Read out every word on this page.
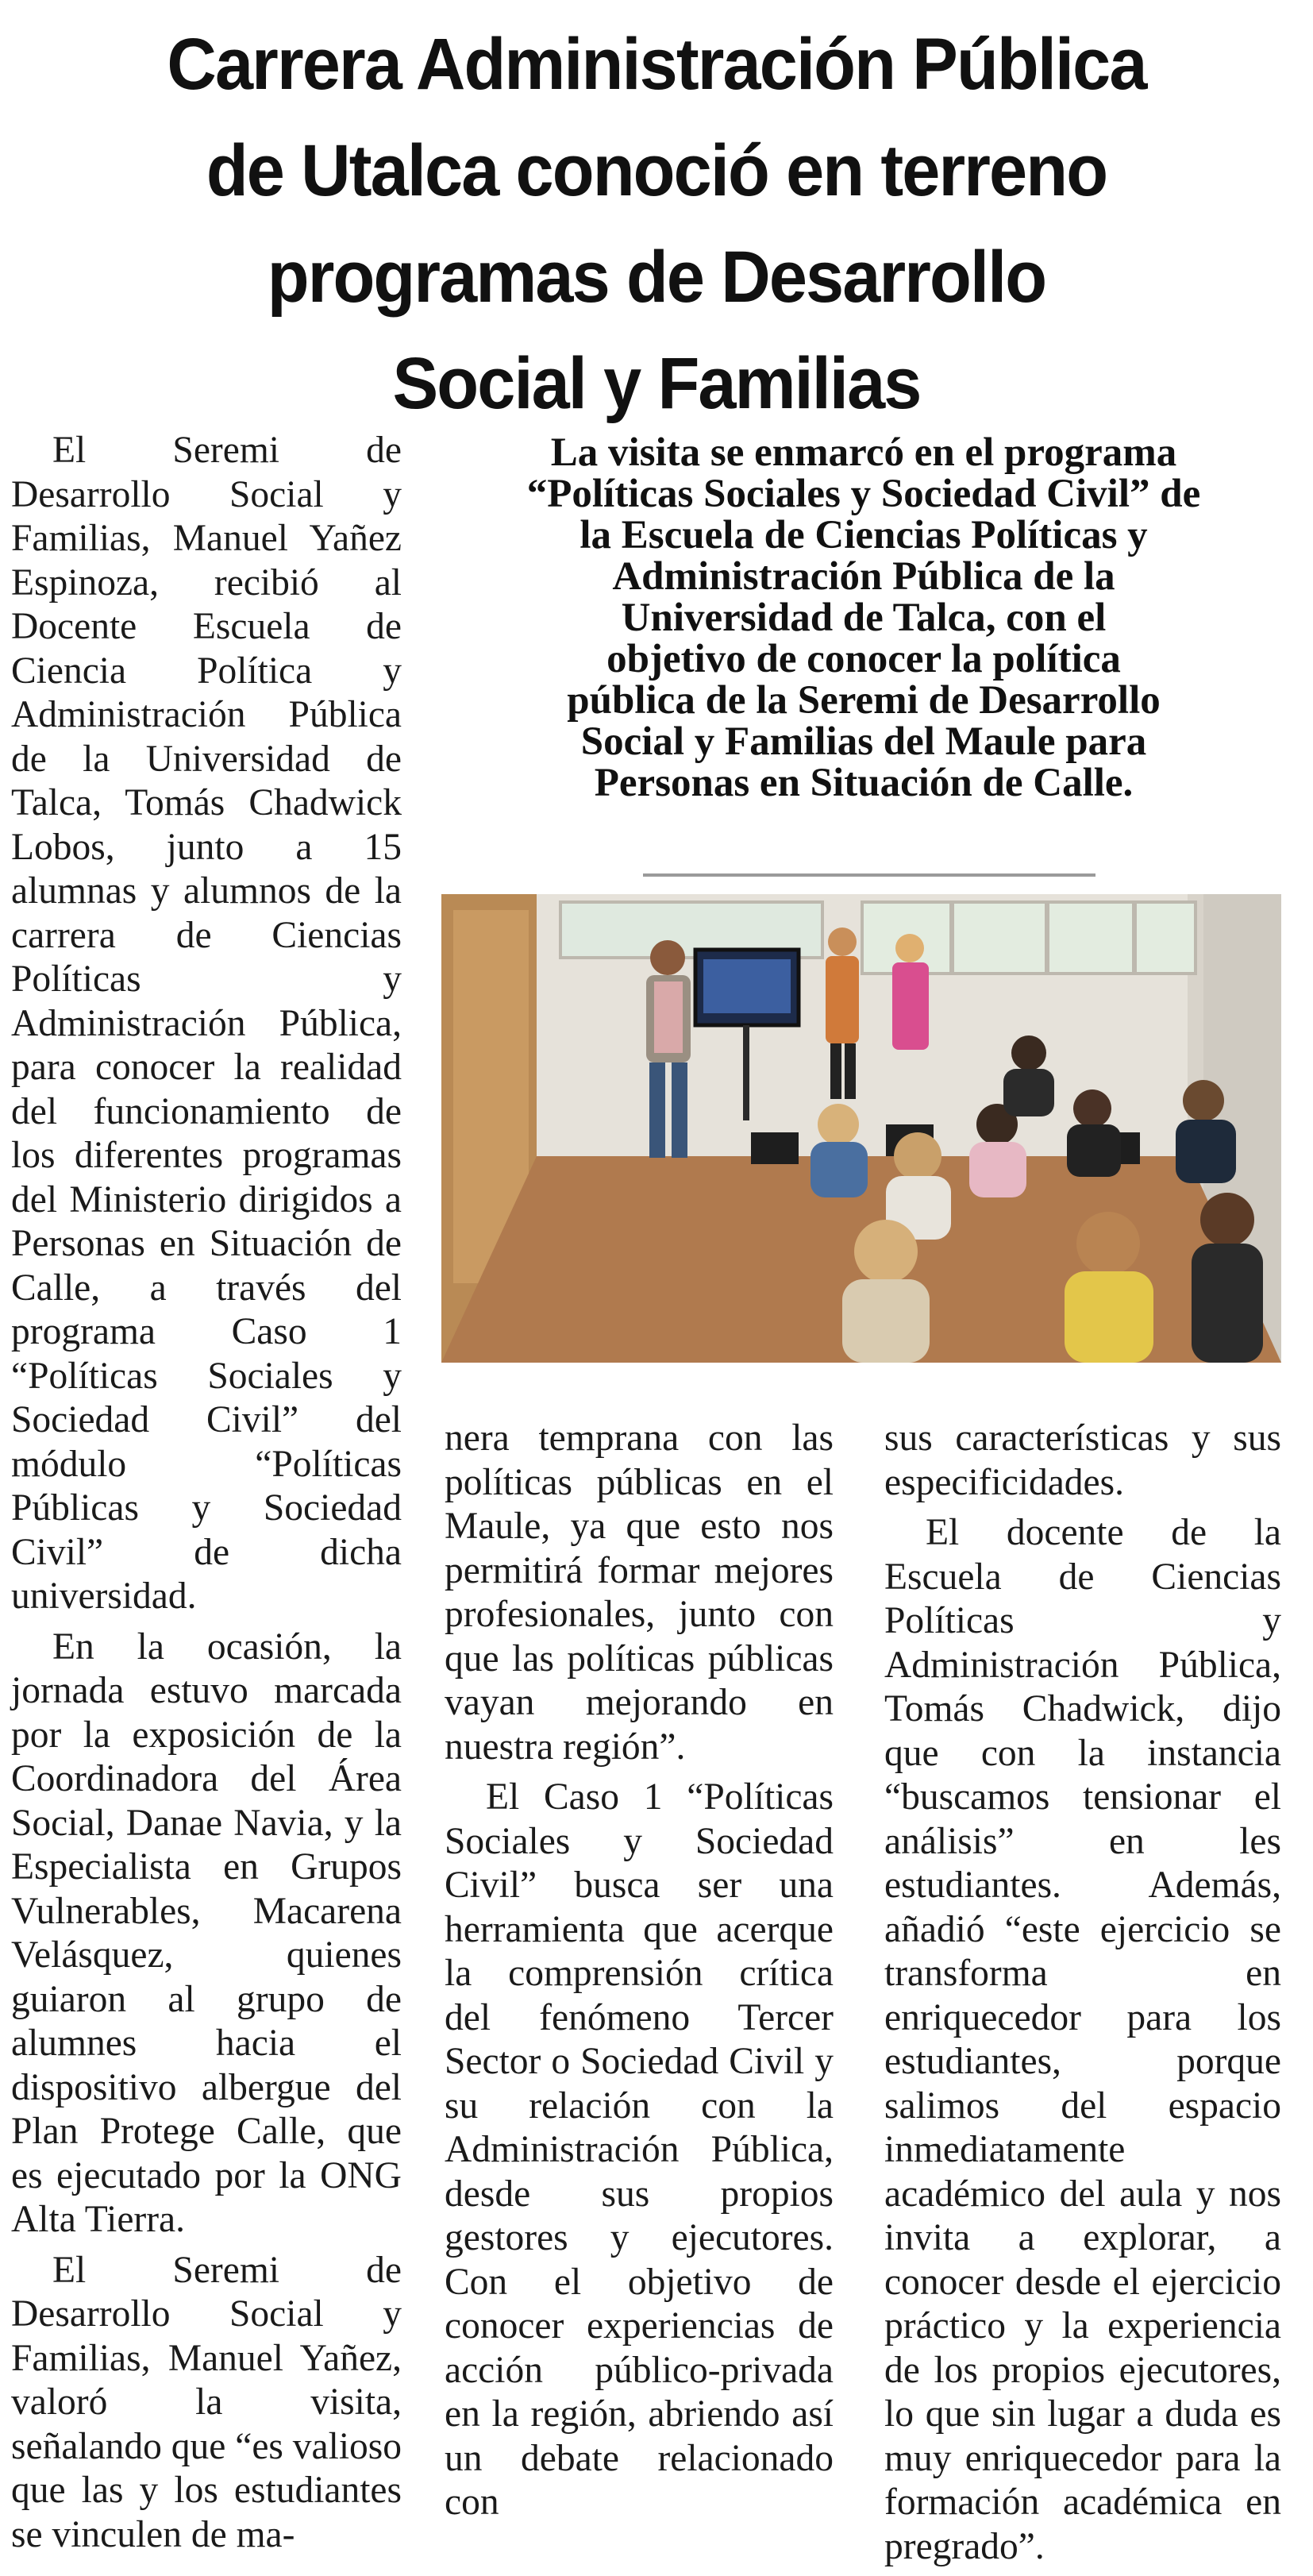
Carrera Administración Pública
de Utalca conoció en terreno
programas de Desarrollo
Social y Familias

El Seremi de Desarrollo Social y Familias, Manuel Yañez Espinoza, recibió al Docente Escuela de Ciencia Política y Administración Pública de la Universidad de Talca, Tomás Chadwick Lobos, junto a 15 alumnas y alumnos de la carrera de Ciencias Políticas y Administración Pública, para conocer la realidad del funcionamiento de los diferentes programas del Ministerio dirigidos a Personas en Situación de Calle, a través del programa Caso 1 “Políticas Sociales y Sociedad Civil” del módulo “Políticas Públicas y Sociedad Civil” de dicha universidad.

En la ocasión, la jornada estuvo marcada por la exposición de la Coordinadora del Área Social, Danae Navia, y la Especialista en Grupos Vulnerables, Macarena Velásquez, quienes guiaron al grupo de alumnes hacia el dispositivo albergue del Plan Protege Calle, que es ejecutado por la ONG Alta Tierra.

El Seremi de Desarrollo Social y Familias, Manuel Yañez, valoró la visita, señalando que “es valioso que las y los estudiantes se vinculen de ma-

La visita se enmarcó en el programa
“Políticas Sociales y Sociedad Civil” de
la Escuela de Ciencias Políticas y
Administración Pública de la
Universidad de Talca, con el
objetivo de conocer la política
pública de la Seremi de Desarrollo
Social y Familias del Maule para
Personas en Situación de Calle.

nera temprana con las políticas públicas en el Maule, ya que esto nos permitirá formar mejores profesionales, junto con que las políticas públicas vayan mejorando en nuestra región”.

El Caso 1 “Políticas Sociales y Sociedad Civil” busca ser una herramienta que acerque la comprensión crítica del fenómeno Tercer Sector o Sociedad Civil y su relación con la Administración Pública, desde sus propios gestores y ejecutores. Con el objetivo de conocer experiencias de acción público-privada en la región, abriendo así un debate relacionado con

sus características y sus especificidades.

El docente de la Escuela de Ciencias Políticas y Administración Pública, Tomás Chadwick, dijo que con la instancia “buscamos tensionar el análisis” en les estudiantes. Además, añadió “este ejercicio se transforma en enriquecedor para los estudiantes, porque salimos del espacio inmediatamente académico del aula y nos invita a explorar, a conocer desde el ejercicio práctico y la experiencia de los propios ejecutores, lo que sin lugar a duda es muy enriquecedor para la formación académica en pregrado”.
